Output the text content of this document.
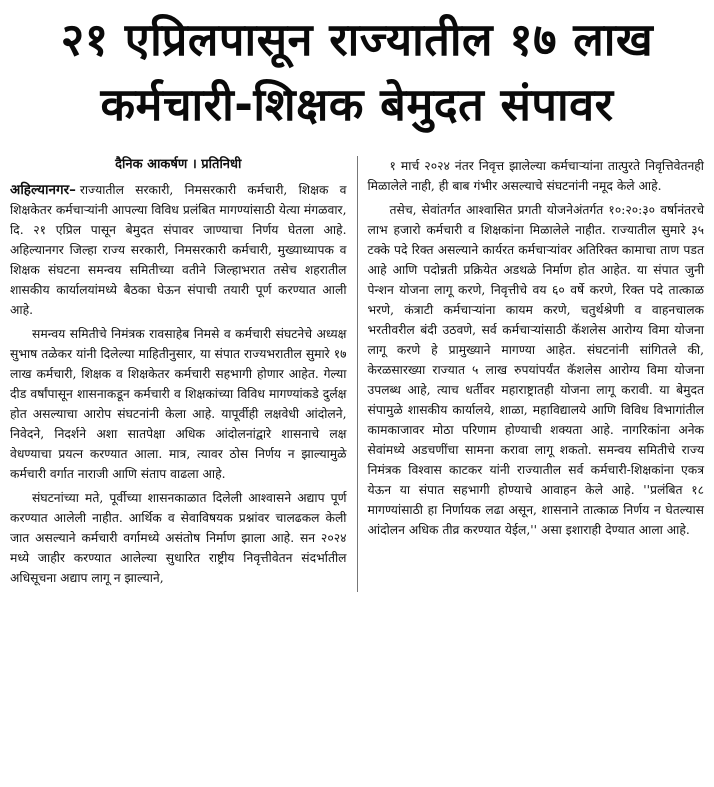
२१ एप्रिलपासून राज्यातील १७ लाख
कर्मचारी-शिक्षक बेमुदत संपावर
दैनिक आकर्षण । प्रतिनिधी

अहिल्यानगर– राज्यातील सरकारी, निमसरकारी कर्मचारी, शिक्षक व शिक्षकेतर कर्मचाऱ्यांनी आपल्या विविध प्रलंबित मागण्यांसाठी येत्या मंगळवार, दि. २१ एप्रिल पासून बेमुदत संपावर जाण्याचा निर्णय घेतला आहे. अहिल्यानगर जिल्हा राज्य सरकारी, निमसरकारी कर्मचारी, मुख्याध्यापक व शिक्षक संघटना समन्वय समितीच्या वतीने जिल्हाभरात तसेच शहरातील शासकीय कार्यालयांमध्ये बैठका घेऊन संपाची तयारी पूर्ण करण्यात आली आहे.

समन्वय समितीचे निमंत्रक रावसाहेब निमसे व कर्मचारी संघटनेचे अध्यक्ष सुभाष तळेकर यांनी दिलेल्या माहितीनुसार, या संपात राज्यभरातील सुमारे १७ लाख कर्मचारी, शिक्षक व शिक्षकेतर कर्मचारी सहभागी होणार आहेत. गेल्या दीड वर्षांपासून शासनाकडून कर्मचारी व शिक्षकांच्या विविध मागण्यांकडे दुर्लक्ष होत असल्याचा आरोप संघटनांनी केला आहे. यापूर्वीही लक्षवेधी आंदोलने, निवेदने, निदर्शने अशा सातपेक्षा अधिक आंदोलनांद्वारे शासनाचे लक्ष वेधण्याचा प्रयत्न करण्यात आला. मात्र, त्यावर ठोस निर्णय न झाल्यामुळे कर्मचारी वर्गात नाराजी आणि संताप वाढला आहे.

संघटनांच्या मते, पूर्वीच्या शासनकाळात दिलेली आश्वासने अद्याप पूर्ण करण्यात आलेली नाहीत. आर्थिक व सेवाविषयक प्रश्नांवर चालढकल केली जात असल्याने कर्मचारी वर्गामध्ये असंतोष निर्माण झाला आहे. सन २०२४ मध्ये जाहीर करण्यात आलेल्या सुधारित राष्ट्रीय निवृत्तीवेतन संदर्भातील अधिसूचना अद्याप लागू न झाल्याने,

१ मार्च २०२४ नंतर निवृत्त झालेल्या कर्मचाऱ्यांना तात्पुरते निवृत्तिवेतनही मिळालेले नाही, ही बाब गंभीर असल्याचे संघटनांनी नमूद केले आहे.

तसेच, सेवांतर्गत आश्वासित प्रगती योजनेअंतर्गत १०:२०:३० वर्षानंतरचे लाभ हजारो कर्मचारी व शिक्षकांना मिळालेले नाहीत. राज्यातील सुमारे ३५ टक्के पदे रिक्त असल्याने कार्यरत कर्मचाऱ्यांवर अतिरिक्त कामाचा ताण पडत आहे आणि पदोन्नती प्रक्रियेत अडथळे निर्माण होत आहेत. या संपात जुनी पेन्शन योजना लागू करणे, निवृत्तीचे वय ६० वर्षे करणे, रिक्त पदे तात्काळ भरणे, कंत्राटी कर्मचाऱ्यांना कायम करणे, चतुर्थश्रेणी व वाहनचालक भरतीवरील बंदी उठवणे, सर्व कर्मचाऱ्यांसाठी कॅशलेस आरोग्य विमा योजना लागू करणे हे प्रामुख्याने मागण्या आहेत. संघटनांनी सांगितले की, केरळसारख्या राज्यात ५ लाख रुपयांपर्यंत कॅशलेस आरोग्य विमा योजना उपलब्ध आहे, त्याच धर्तीवर महाराष्ट्रातही योजना लागू करावी. या बेमुदत संपामुळे शासकीय कार्यालये, शाळा, महाविद्यालये आणि विविध विभागांतील कामकाजावर मोठा परिणाम होण्याची शक्यता आहे. नागरिकांना अनेक सेवांमध्ये अडचणींचा सामना करावा लागू शकतो. समन्वय समितीचे राज्य निमंत्रक विश्वास काटकर यांनी राज्यातील सर्व कर्मचारी-शिक्षकांना एकत्र येऊन या संपात सहभागी होण्याचे आवाहन केले आहे. ''प्रलंबित १८ मागण्यांसाठी हा निर्णायक लढा असून, शासनाने तात्काळ निर्णय न घेतल्यास आंदोलन अधिक तीव्र करण्यात येईल,'' असा इशाराही देण्यात आला आहे.
